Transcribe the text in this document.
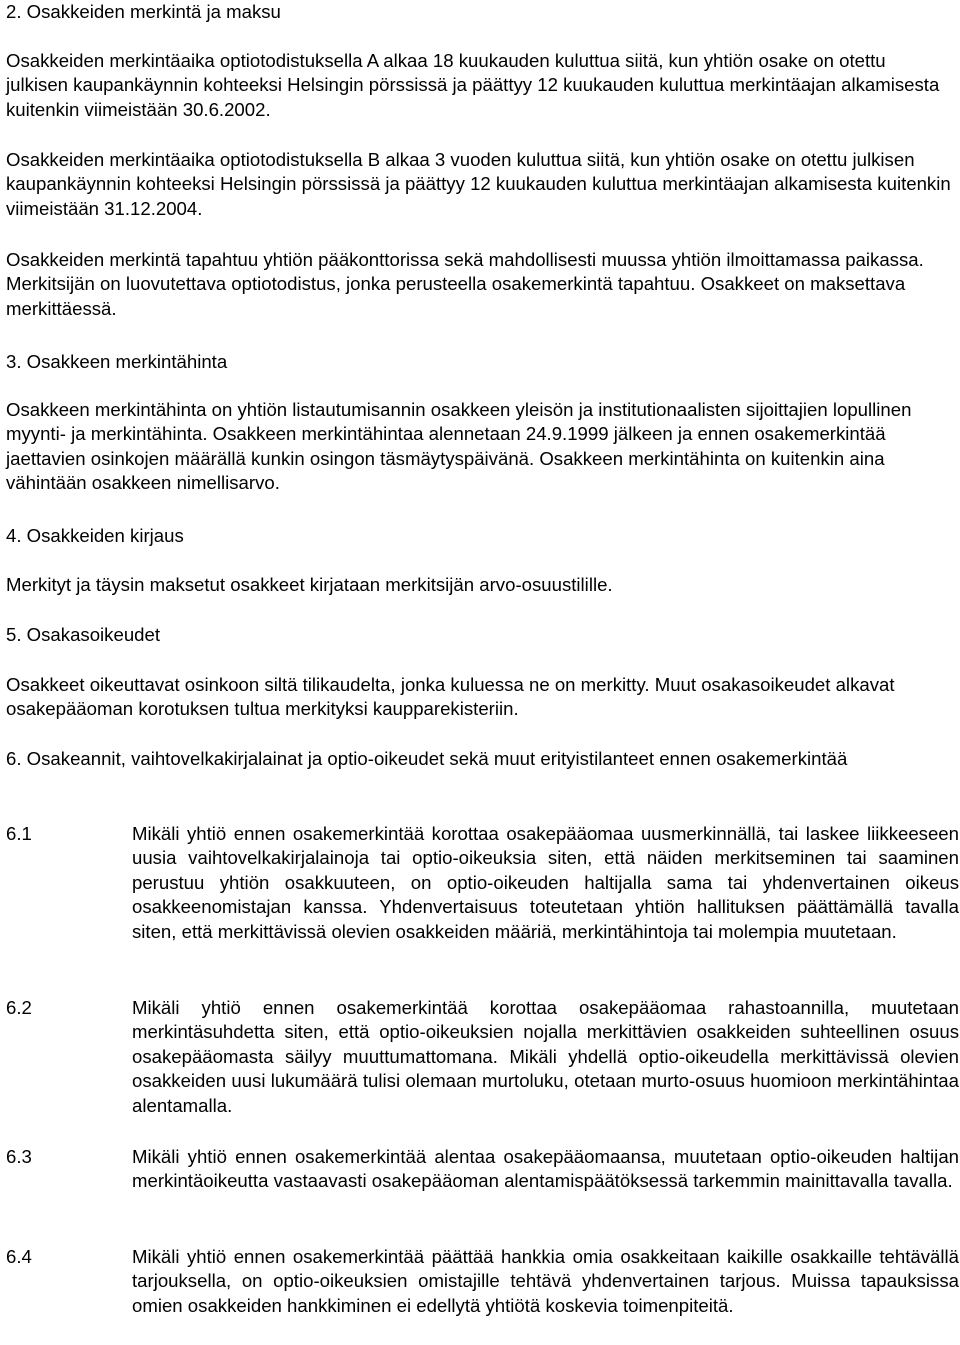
2. Osakkeiden merkintä ja maksu

Osakkeiden merkintäaika optiotodistuksella A alkaa 18 kuukauden kuluttua siitä, kun yhtiön osake on otettu julkisen kaupankäynnin kohteeksi Helsingin pörssissä ja päättyy 12 kuukauden kuluttua merkintäajan alkamisesta kuitenkin viimeistään 30.6.2002.

Osakkeiden merkintäaika optiotodistuksella B alkaa 3 vuoden kuluttua siitä, kun yhtiön osake on otettu julkisen kaupankäynnin kohteeksi Helsingin pörssissä ja päättyy 12 kuukauden kuluttua merkintäajan alkamisesta kuitenkin viimeistään 31.12.2004.

Osakkeiden merkintä tapahtuu yhtiön pääkonttorissa sekä mahdollisesti muussa yhtiön ilmoittamassa paikassa. Merkitsijän on luovutettava optiotodistus, jonka perusteella osakemerkintä tapahtuu. Osakkeet on maksettava merkittäessä.

3. Osakkeen merkintähinta

Osakkeen merkintähinta on yhtiön listautumisannin osakkeen yleisön ja institutionaalisten sijoittajien lopullinen myynti- ja merkintähinta. Osakkeen merkintähintaa alennetaan 24.9.1999 jälkeen ja ennen osakemerkintää jaettavien osinkojen määrällä kunkin osingon täsmäytyspäivänä. Osakkeen merkintähinta on kuitenkin aina vähintään osakkeen nimellisarvo.

4. Osakkeiden kirjaus

Merkityt ja täysin maksetut osakkeet kirjataan merkitsijän arvo-osuustilille.

5. Osakasoikeudet

Osakkeet oikeuttavat osinkoon siltä tilikaudelta, jonka kuluessa ne on merkitty. Muut osakasoikeudet alkavat osakepääoman korotuksen tultua merkityksi kaupparekisteriin.

6. Osakeannit, vaihtovelkakirjalainat ja optio-oikeudet sekä muut erityistilanteet ennen osakemerkintää

6.1	Mikäli yhtiö ennen osakemerkintää korottaa osakepääomaa uusmerkinnällä, tai laskee liikkeeseen uusia vaihtovelkakirjalainoja tai optio-oikeuksia siten, että näiden merkitseminen tai saaminen perustuu yhtiön osakkuuteen, on optio-oikeuden haltijalla sama tai yhdenvertainen oikeus osakkeenomistajan kanssa. Yhdenvertaisuus toteutetaan yhtiön hallituksen päättämällä tavalla siten, että merkittävissä olevien osakkeiden määriä, merkintähintoja tai molempia muutetaan.
6.2	Mikäli yhtiö ennen osakemerkintää korottaa osakepääomaa rahastoannilla, muutetaan merkintäsuhdetta siten, että optio-oikeuksien nojalla merkittävien osakkeiden suhteellinen osuus osakepääomasta säilyy muuttumattomana. Mikäli yhdellä optio-oikeudella merkittävissä olevien osakkeiden uusi lukumäärä tulisi olemaan murtoluku, otetaan murto-osuus huomioon merkintähintaa alentamalla.
6.3	Mikäli yhtiö ennen osakemerkintää alentaa osakepääomaansa, muutetaan optio-oikeuden haltijan merkintäoikeutta vastaavasti osakepääoman alentamispäätöksessä tarkemmin mainittavalla tavalla.
6.4	Mikäli yhtiö ennen osakemerkintää päättää hankkia omia osakkeitaan kaikille osakkaille tehtävällä tarjouksella, on optio-oikeuksien omistajille tehtävä yhdenvertainen tarjous. Muissa tapauksissa omien osakkeiden hankkiminen ei edellytä yhtiötä koskevia toimenpiteitä.
